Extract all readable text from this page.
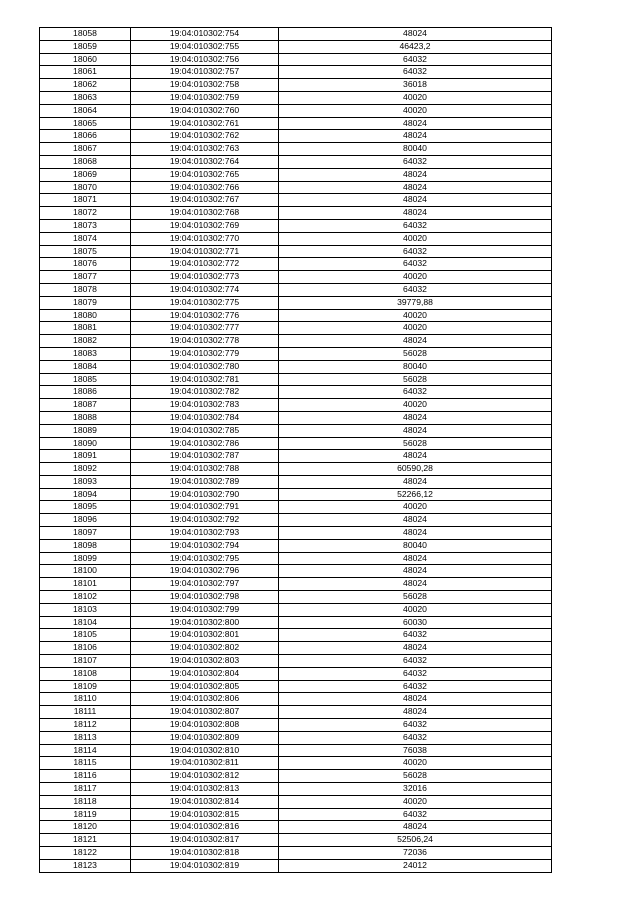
18058	19:04:010302:754	48024
18059	19:04:010302:755	46423,2
18060	19:04:010302:756	64032
18061	19:04:010302:757	64032
18062	19:04:010302:758	36018
18063	19:04:010302:759	40020
18064	19:04:010302:760	40020
18065	19:04:010302:761	48024
18066	19:04:010302:762	48024
18067	19:04:010302:763	80040
18068	19:04:010302:764	64032
18069	19:04:010302:765	48024
18070	19:04:010302:766	48024
18071	19:04:010302:767	48024
18072	19:04:010302:768	48024
18073	19:04:010302:769	64032
18074	19:04:010302:770	40020
18075	19:04:010302:771	64032
18076	19:04:010302:772	64032
18077	19:04:010302:773	40020
18078	19:04:010302:774	64032
18079	19:04:010302:775	39779,88
18080	19:04:010302:776	40020
18081	19:04:010302:777	40020
18082	19:04:010302:778	48024
18083	19:04:010302:779	56028
18084	19:04:010302:780	80040
18085	19:04:010302:781	56028
18086	19:04:010302:782	64032
18087	19:04:010302:783	40020
18088	19:04:010302:784	48024
18089	19:04:010302:785	48024
18090	19:04:010302:786	56028
18091	19:04:010302:787	48024
18092	19:04:010302:788	60590,28
18093	19:04:010302:789	48024
18094	19:04:010302:790	52266,12
18095	19:04:010302:791	40020
18096	19:04:010302:792	48024
18097	19:04:010302:793	48024
18098	19:04:010302:794	80040
18099	19:04:010302:795	48024
18100	19:04:010302:796	48024
18101	19:04:010302:797	48024
18102	19:04:010302:798	56028
18103	19:04:010302:799	40020
18104	19:04:010302:800	60030
18105	19:04:010302:801	64032
18106	19:04:010302:802	48024
18107	19:04:010302:803	64032
18108	19:04:010302:804	64032
18109	19:04:010302:805	64032
18110	19:04:010302:806	48024
18111	19:04:010302:807	48024
18112	19:04:010302:808	64032
18113	19:04:010302:809	64032
18114	19:04:010302:810	76038
18115	19:04:010302:811	40020
18116	19:04:010302:812	56028
18117	19:04:010302:813	32016
18118	19:04:010302:814	40020
18119	19:04:010302:815	64032
18120	19:04:010302:816	48024
18121	19:04:010302:817	52506,24
18122	19:04:010302:818	72036
18123	19:04:010302:819	24012
